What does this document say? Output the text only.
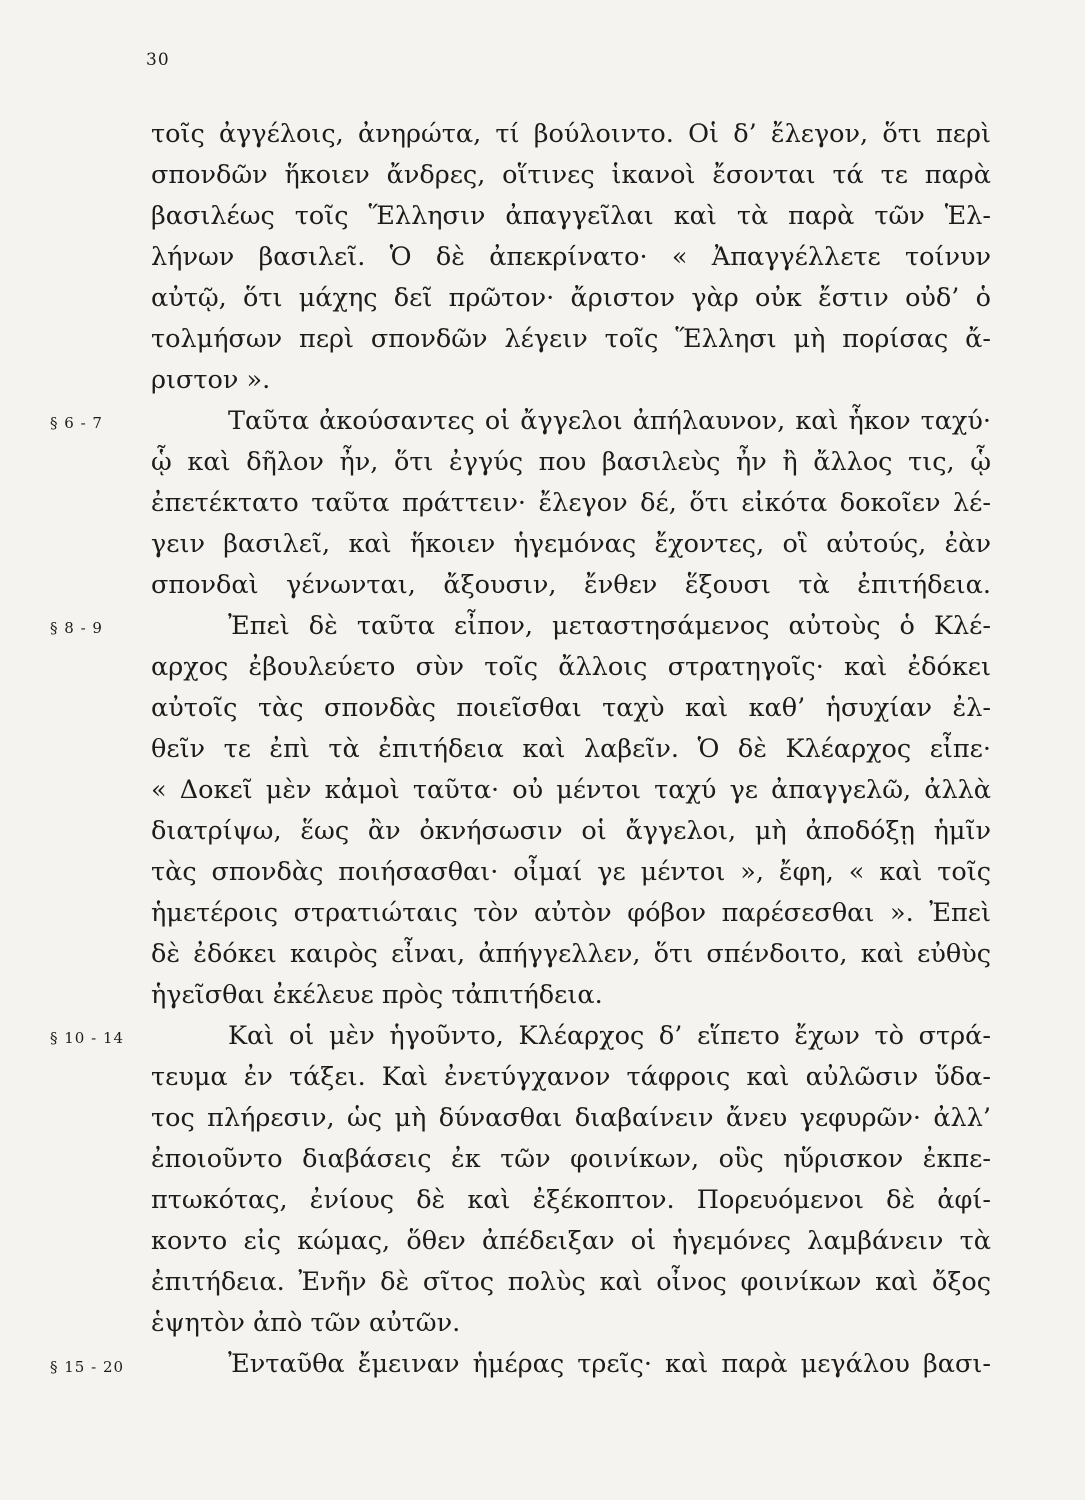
30
τοῖς ἀγγέλοις, ἀνηρώτα, τί βούλοιντο. Οἱ δ’ ἔλεγον, ὅτι περὶ
σπονδῶν ἥκοιεν ἄνδρες, οἵτινες ἱκανοὶ ἔσονται τά τε παρὰ
βασιλέως τοῖς Ἕλλησιν ἀπαγγεῖλαι καὶ τὰ παρὰ τῶν Ἑλ-
λήνων βασιλεῖ. Ὁ δὲ ἀπεκρίνατο· « Ἀπαγγέλλετε τοίνυν
αὐτῷ, ὅτι μάχης δεῖ πρῶτον· ἄριστον γὰρ οὐκ ἔστιν οὐδ’ ὁ
τολμήσων περὶ σπονδῶν λέγειν τοῖς Ἕλλησι μὴ πορίσας ἄ-
ριστον ».
§ 6 - 7	Ταῦτα ἀκούσαντες οἱ ἄγγελοι ἀπήλαυνον, καὶ ἧκον ταχύ·
ᾧ καὶ δῆλον ἦν, ὅτι ἐγγύς που βασιλεὺς ἦν ἢ ἄλλος τις, ᾧ
ἐπετέκτατο ταῦτα πράττειν· ἔλεγον δέ, ὅτι εἰκότα δοκοῖεν λέ-
γειν βασιλεῖ, καὶ ἥκοιεν ἡγεμόνας ἔχοντες, οἳ αὐτούς, ἐὰν
σπονδαὶ γένωνται, ἄξουσιν, ἔνθεν ἕξουσι τὰ ἐπιτήδεια.
§ 8 - 9	Ἐπεὶ δὲ ταῦτα εἶπον, μεταστησάμενος αὐτοὺς ὁ Κλέ-
αρχος ἐβουλεύετο σὺν τοῖς ἄλλοις στρατηγοῖς· καὶ ἐδόκει
αὐτοῖς τὰς σπονδὰς ποιεῖσθαι ταχὺ καὶ καθ’ ἡσυχίαν ἐλ-
θεῖν τε ἐπὶ τὰ ἐπιτήδεια καὶ λαβεῖν. Ὁ δὲ Κλέαρχος εἶπε·
« Δοκεῖ μὲν κἀμοὶ ταῦτα· οὐ μέντοι ταχύ γε ἀπαγγελῶ, ἀλλὰ
διατρίψω, ἕως ἂν ὀκνήσωσιν οἱ ἄγγελοι, μὴ ἀποδόξῃ ἡμῖν
τὰς σπονδὰς ποιήσασθαι· οἶμαί γε μέντοι », ἔφη, « καὶ τοῖς
ἡμετέροις στρατιώταις τὸν αὐτὸν φόβον παρέσεσθαι ». Ἐπεὶ
δὲ ἐδόκει καιρὸς εἶναι, ἀπήγγελλεν, ὅτι σπένδοιτο, καὶ εὐθὺς
ἡγεῖσθαι ἐκέλευε πρὸς τἀπιτήδεια.
§ 10 - 14	Καὶ οἱ μὲν ἡγοῦντο, Κλέαρχος δ’ εἵπετο ἔχων τὸ στρά-
τευμα ἐν τάξει. Καὶ ἐνετύγχανον τάφροις καὶ αὐλῶσιν ὕδα-
τος πλήρεσιν, ὡς μὴ δύνασθαι διαβαίνειν ἄνευ γεφυρῶν· ἀλλ’
ἐποιοῦντο διαβάσεις ἐκ τῶν φοινίκων, οὓς ηὕρισκον ἐκπε-
πτωκότας, ἐνίους δὲ καὶ ἐξέκοπτον. Πορευόμενοι δὲ ἀφί-
κοντο εἰς κώμας, ὅθεν ἀπέδειξαν οἱ ἡγεμόνες λαμβάνειν τὰ
ἐπιτήδεια. Ἐνῆν δὲ σῖτος πολὺς καὶ οἶνος φοινίκων καὶ ὄξος
ἑψητὸν ἀπὸ τῶν αὐτῶν.
§ 15 - 20	Ἐνταῦθα ἔμειναν ἡμέρας τρεῖς· καὶ παρὰ μεγάλου βασι-
